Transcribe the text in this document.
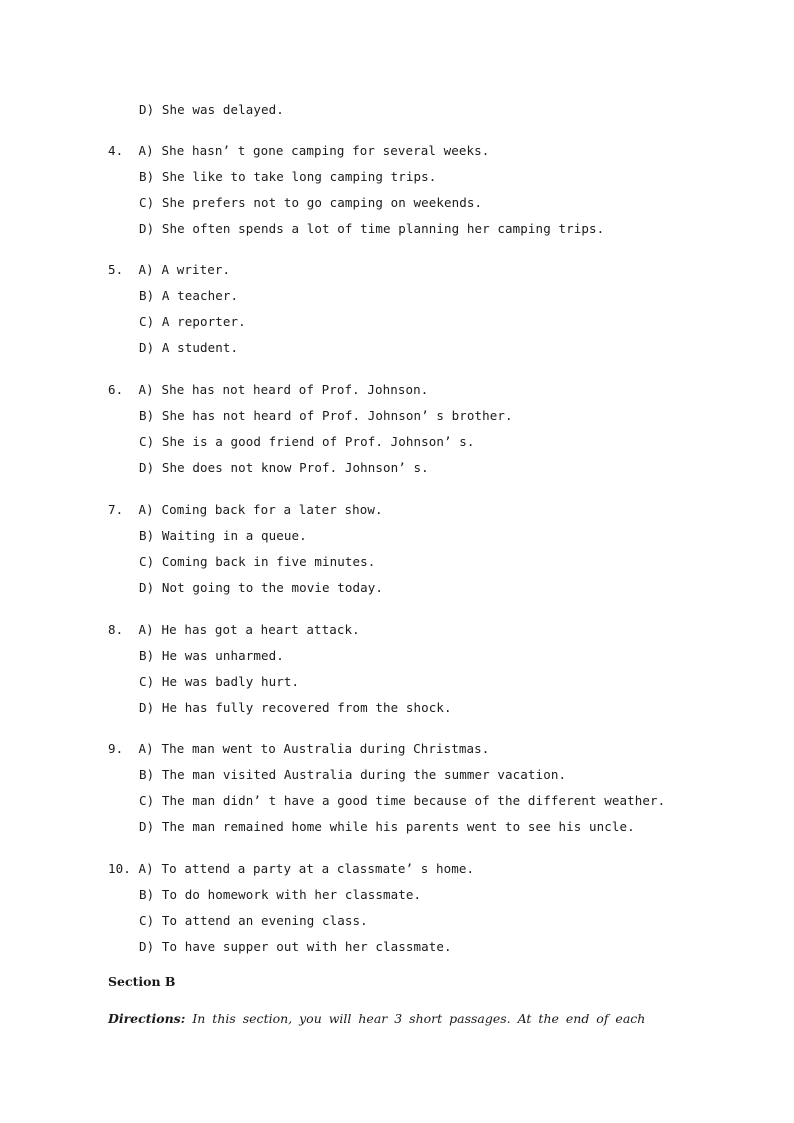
D) She was delayed.
4. A) She hasn’ t gone camping for several weeks.
B) She like to take long camping trips.
C) She prefers not to go camping on weekends.
D) She often spends a lot of time planning her camping trips.
5. A) A writer.
B) A teacher.
C) A reporter.
D) A student.
6. A) She has not heard of Prof. Johnson.
B) She has not heard of Prof. Johnson’ s brother.
C) She is a good friend of Prof. Johnson’ s.
D) She does not know Prof. Johnson’ s.
7. A) Coming back for a later show.
B) Waiting in a queue.
C) Coming back in five minutes.
D) Not going to the movie today.
8. A) He has got a heart attack.
B) He was unharmed.
C) He was badly hurt.
D) He has fully recovered from the shock.
9. A) The man went to Australia during Christmas.
B) The man visited Australia during the summer vacation.
C) The man didn’ t have a good time because of the different weather.
D) The man remained home while his parents went to see his uncle.
10. A) To attend a party at a classmate’ s home.
B) To do homework with her classmate.
C) To attend an evening class.
D) To have supper out with her classmate.
Section B
Directions: In this section, you will hear 3 short passages. At the end of each
